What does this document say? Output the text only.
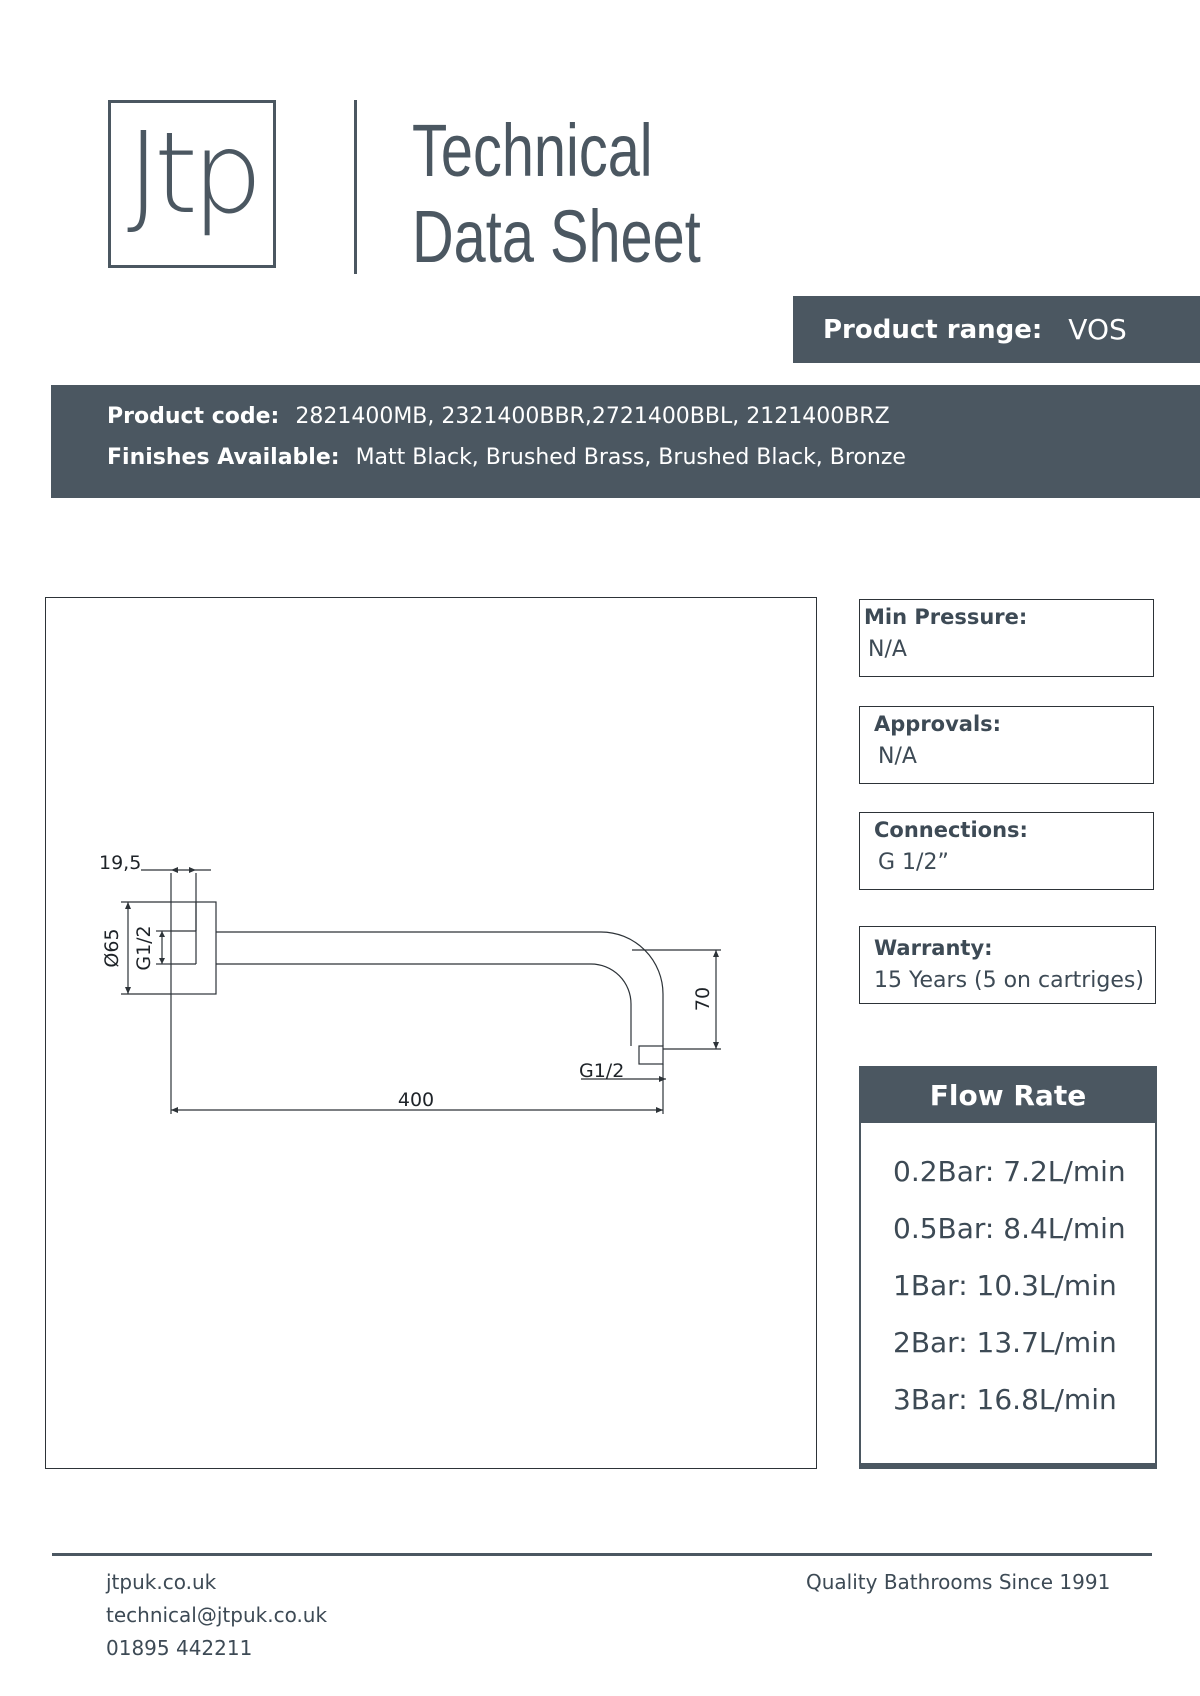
Jtp Technical
Data Sheet
Product range: VOS
Product code: 2821400MB, 2321400BBR,2721400BBL, 2121400BRZ
Finishes Available: Matt Black, Brushed Brass, Brushed Black, Bronze
19,5
Ø65 G1/2
70
G1/2
400
Min Pressure:
N/A
Approvals:
N/A
Connections:
G 1/2”
Warranty:
15 Years (5 on cartriges)
Flow Rate
0.2Bar: 7.2L/min
0.5Bar: 8.4L/min
1Bar: 10.3L/min
2Bar: 13.7L/min
3Bar: 16.8L/min
jtpuk.co.uk
technical@jtpuk.co.uk
01895 442211
Quality Bathrooms Since 1991
